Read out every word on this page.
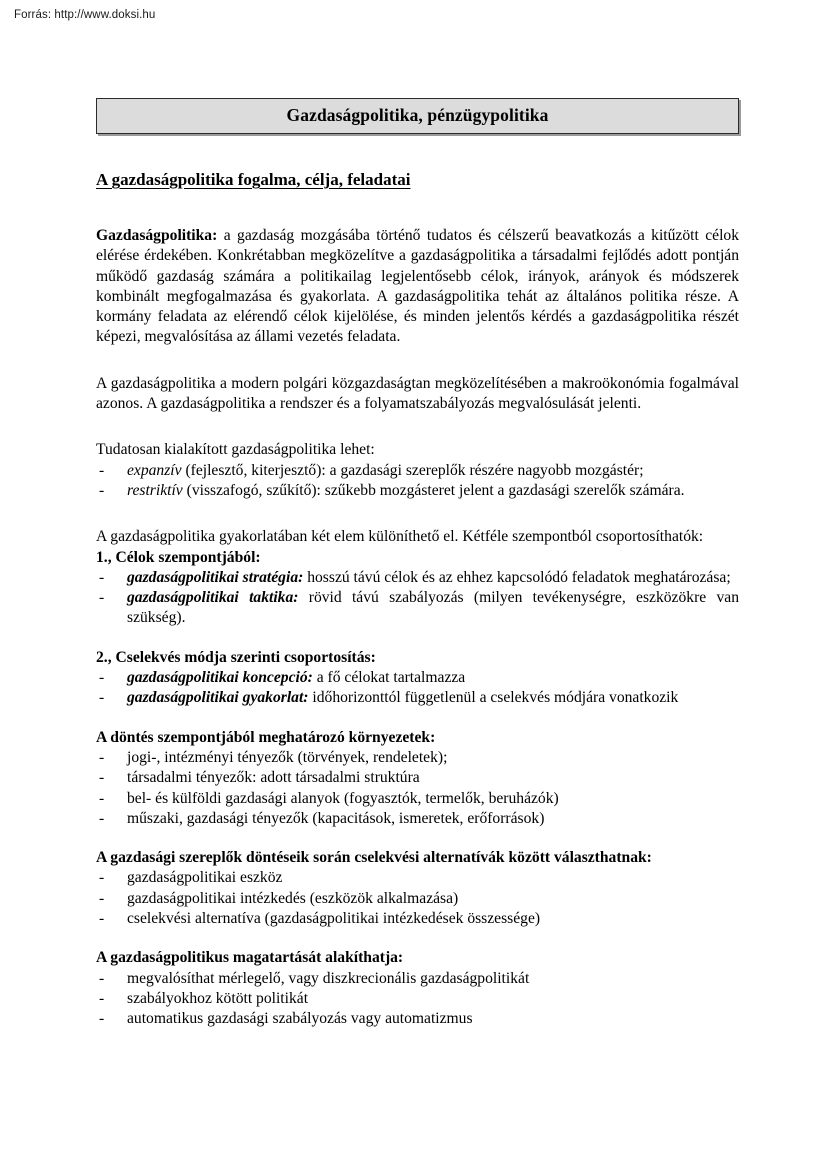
Forrás: http://www.doksi.hu
Gazdaságpolitika, pénzügypolitika
A gazdaságpolitika fogalma, célja, feladatai

Gazdaságpolitika: a gazdaság mozgásába történő tudatos és célszerű beavatkozás a kitűzött célok elérése érdekében. Konkrétabban megközelítve a gazdaságpolitika a társadalmi fejlődés adott pontján működő gazdaság számára a politikailag legjelentősebb célok, irányok, arányok és módszerek kombinált megfogalmazása és gyakorlata. A gazdaságpolitika tehát az általános politika része. A kormány feladata az elérendő célok kijelölése, és minden jelentős kérdés a gazdaságpolitika részét képezi, megvalósítása az állami vezetés feladata.

A gazdaságpolitika a modern polgári közgazdaságtan megközelítésében a makroökonómia fogalmával azonos. A gazdaságpolitika a rendszer és a folyamatszabályozás megvalósulását jelenti.

Tudatosan kialakított gazdaságpolitika lehet:

- expanzív (fejlesztő, kiterjesztő): a gazdasági szereplők részére nagyobb mozgástér;
- restriktív (visszafogó, szűkítő): szűkebb mozgásteret jelent a gazdasági szerelők számára.

A gazdaságpolitika gyakorlatában két elem különíthető el. Kétféle szempontból csoportosíthatók:

1., Célok szempontjából:

- gazdaságpolitikai stratégia: hosszú távú célok és az ehhez kapcsolódó feladatok meghatározása;
- gazdaságpolitikai taktika: rövid távú szabályozás (milyen tevékenységre, eszközökre van szükség).

2., Cselekvés módja szerinti csoportosítás:

- gazdaságpolitikai koncepció: a fő célokat tartalmazza
- gazdaságpolitikai gyakorlat: időhorizonttól függetlenül a cselekvés módjára vonatkozik

A döntés szempontjából meghatározó környezetek:

- jogi-, intézményi tényezők (törvények, rendeletek);
- társadalmi tényezők: adott társadalmi struktúra
- bel- és külföldi gazdasági alanyok (fogyasztók, termelők, beruházók)
- műszaki, gazdasági tényezők (kapacitások, ismeretek, erőforrások)

A gazdasági szereplők döntéseik során cselekvési alternatívák között választhatnak:

- gazdaságpolitikai eszköz
- gazdaságpolitikai intézkedés (eszközök alkalmazása)
- cselekvési alternatíva (gazdaságpolitikai intézkedések összessége)

A gazdaságpolitikus magatartását alakíthatja:

- megvalósíthat mérlegelő, vagy diszkrecionális gazdaságpolitikát
- szabályokhoz kötött politikát
- automatikus gazdasági szabályozás vagy automatizmus
